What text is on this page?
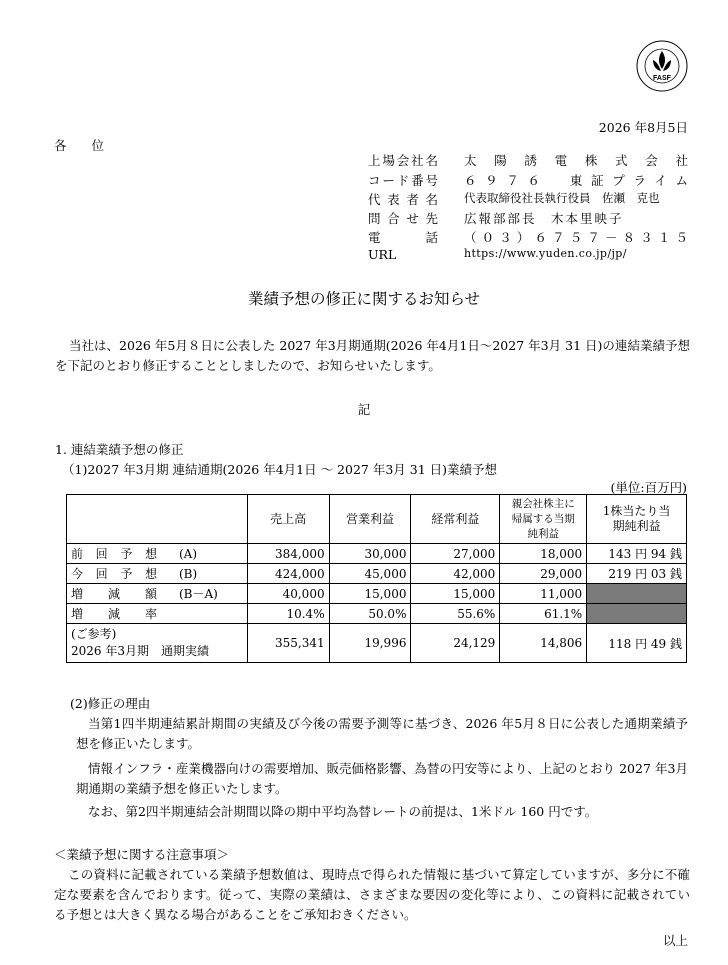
FASF
2026 年8月5日
各　　位
上場会社名 太陽誘電株式会社
コード番号 ６９７６　東証プライム
代表者名 代表取締役社長執行役員　佐瀬　克也
問合せ先 広報部部長　木本里映子
電話 （０３）６７５７－８３１５
URL	https://www.yuden.co.jp/jp/
業績予想の修正に関するお知らせ
当社は、2026 年5月８日に公表した 2027 年3月期通期(2026 年4月1日～2027 年3月 31 日)の連結業績予想を下記のとおり修正することとしましたので、お知らせいたします。
記
1. 連結業績予想の修正
（1)2027 年3月期 連結通期(2026 年4月1日 ～ 2027 年3月 31 日)業績予想
(単位:百万円)
	売上高	営業利益	経常利益	親会社株主に帰属する当期純利益	1株当たり当期純利益
前回予想 (A)	384,000	30,000	27,000	18,000	143 円 94 銭
今回予想 (B)	424,000	45,000	42,000	29,000	219 円 03 銭
増減額 (B－A)	40,000	15,000	15,000	11,000	
増減率	10.4%	50.0%	55.6%	61.1%	

(ご参考)
2026 年3月期　通期実績	355,341	19,996	24,129	14,806	118 円 49 銭
(2)修正の理由
当第1四半期連結累計期間の実績及び今後の需要予測等に基づき、2026 年5月８日に公表した通期業績予想を修正いたします。
情報インフラ・産業機器向けの需要増加、販売価格影響、為替の円安等により、上記のとおり 2027 年3月期通期の業績予想を修正いたします。
なお、第2四半期連結会計期間以降の期中平均為替レートの前提は、1米ドル 160 円です。
＜業績予想に関する注意事項＞
この資料に記載されている業績予想数値は、現時点で得られた情報に基づいて算定していますが、多分に不確定な要素を含んでおります。従って、実際の業績は、さまざまな要因の変化等により、この資料に記載されている予想とは大きく異なる場合があることをご承知おきください。
以上
